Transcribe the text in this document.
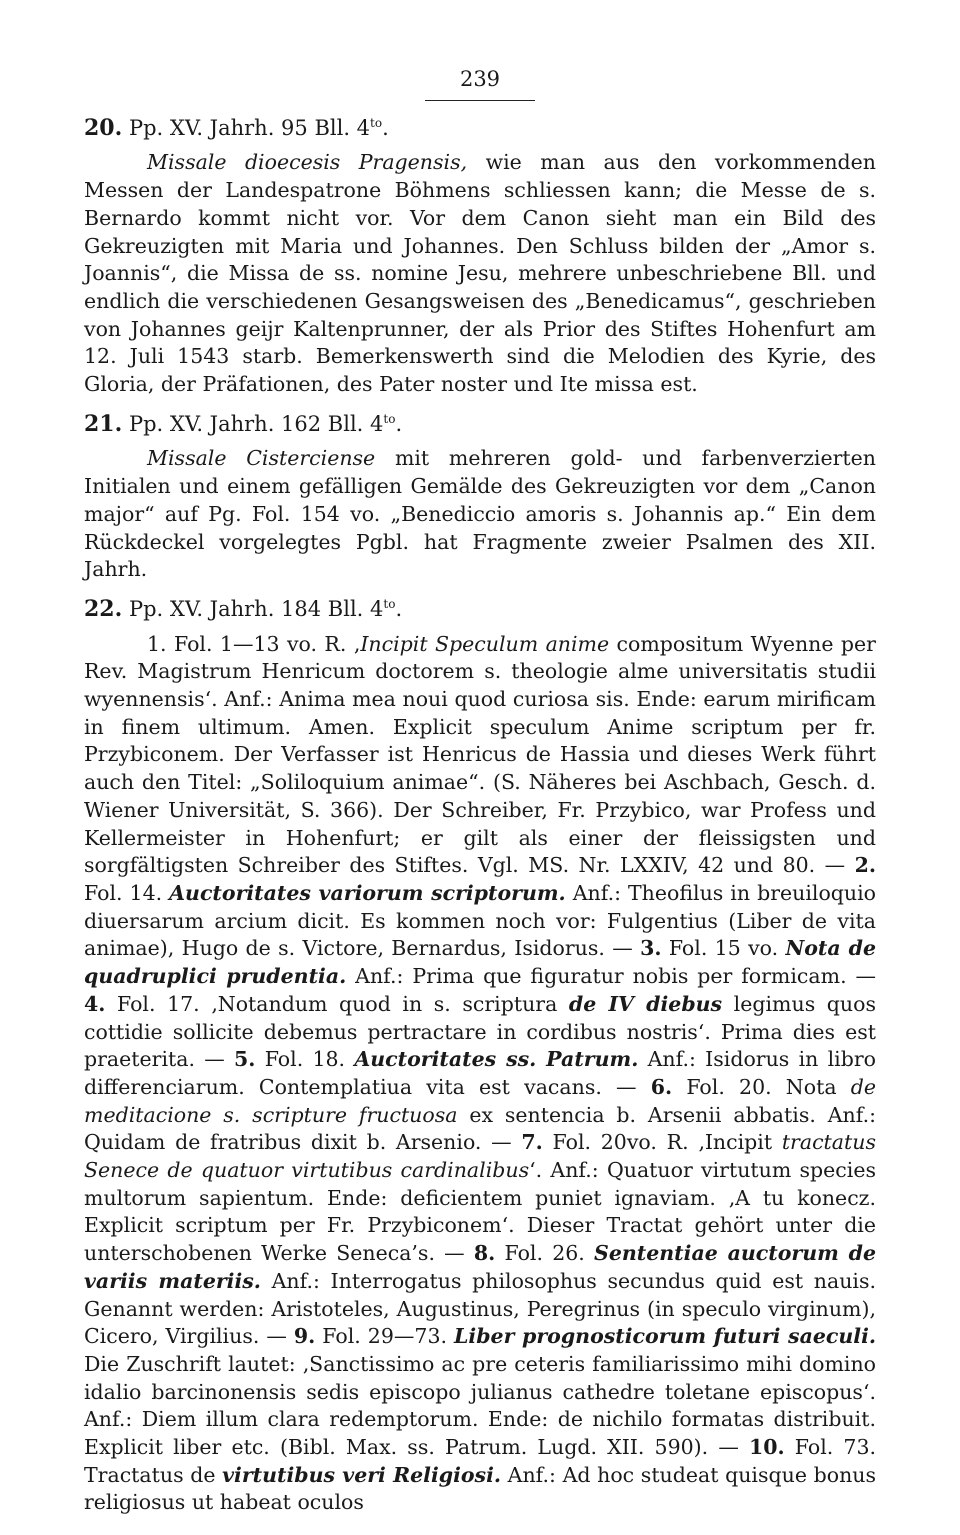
239
20. Pp. XV. Jahrh. 95 Bll. $4^{to}$.

Missale dioecesis Pragensis, wie man aus den vorkommenden Messen der Landespatrone Böhmens schliessen kann; die Messe de s. Bernardo kommt nicht vor. Vor dem Canon sieht man ein Bild des Gekreuzigten mit Maria und Johannes. Den Schluss bilden der „Amor s. Joannis“, die Missa de ss. nomine Jesu, mehrere unbeschriebene Bll. und endlich die verschiedenen Gesangsweisen des „Benedicamus“, geschrieben von Johannes geijr Kaltenprunner, der als Prior des Stiftes Hohenfurt am 12. Juli 1543 starb. Bemerkenswerth sind die Melodien des Kyrie, des Gloria, der Präfationen, des Pater noster und Ite missa est.

21. Pp. XV. Jahrh. 162 Bll. $4^{to}$.

Missale Cisterciense mit mehreren gold- und farbenverzierten Initialen und einem gefälligen Gemälde des Gekreuzigten vor dem „Canon major“ auf Pg. Fol. 154 vo. „Benediccio amoris s. Johannis ap.“ Ein dem Rückdeckel vorgelegtes Pgbl. hat Fragmente zweier Psalmen des XII. Jahrh.

22. Pp. XV. Jahrh. 184 Bll. $4^{to}$.

1. Fol. 1—13 vo. R. ‚Incipit Speculum anime compositum Wyenne per Rev. Magistrum Henricum doctorem s. theologie alme universitatis studii wyennensis‘. Anf.: Anima mea noui quod curiosa sis. Ende: earum mirificam in finem ultimum. Amen. Explicit speculum Anime scriptum per fr. Przybiconem. Der Verfasser ist Henricus de Hassia und dieses Werk führt auch den Titel: „Soliloquium animae“. (S. Näheres bei Aschbach, Gesch. d. Wiener Universität, S. 366). Der Schreiber, Fr. Przybico, war Profess und Kellermeister in Hohenfurt; er gilt als einer der fleissigsten und sorgfältigsten Schreiber des Stiftes. Vgl. MS. Nr. LXXIV, 42 und 80. — 2. Fol. 14. Auctoritates variorum scriptorum. Anf.: Theofilus in breuiloquio diuersarum arcium dicit. Es kommen noch vor: Fulgentius (Liber de vita animae), Hugo de s. Victore, Bernardus, Isidorus. — 3. Fol. 15 vo. Nota de quadruplici prudentia. Anf.: Prima que figuratur nobis per formicam. — 4. Fol. 17. ‚Notandum quod in s. scriptura de IV diebus legimus quos cottidie sollicite debemus pertractare in cordibus nostris‘. Prima dies est praeterita. — 5. Fol. 18. Auctoritates ss. Patrum. Anf.: Isidorus in libro differenciarum. Contemplatiua vita est vacans. — 6. Fol. 20. Nota de meditacione s. scripture fructuosa ex sentencia b. Arsenii abbatis. Anf.: Quidam de fratribus dixit b. Arsenio. — 7. Fol. 20vo. R. ‚Incipit tractatus Senece de quatuor virtutibus cardinalibus‘. Anf.: Quatuor virtutum species multorum sapientum. Ende: deficientem puniet ignaviam. ‚A tu konecz. Explicit scriptum per Fr. Przybiconem‘. Dieser Tractat gehört unter die unterschobenen Werke Seneca’s. — 8. Fol. 26. Sententiae auctorum de variis materiis. Anf.: Interrogatus philosophus secundus quid est nauis. Genannt werden: Aristoteles, Augustinus, Peregrinus (in speculo virginum), Cicero, Virgilius. — 9. Fol. 29—73. Liber prognosticorum futuri saeculi. Die Zuschrift lautet: ‚Sanctissimo ac pre ceteris familiarissimo mihi domino idalio barcinonensis sedis episcopo julianus cathedre toletane episcopus‘. Anf.: Diem illum clara redemptorum. Ende: de nichilo formatas distribuit. Explicit liber etc. (Bibl. Max. ss. Patrum. Lugd. XII. 590). — 10. Fol. 73. Tractatus de virtutibus veri Religiosi. Anf.: Ad hoc studeat quisque bonus religiosus ut habeat oculos
